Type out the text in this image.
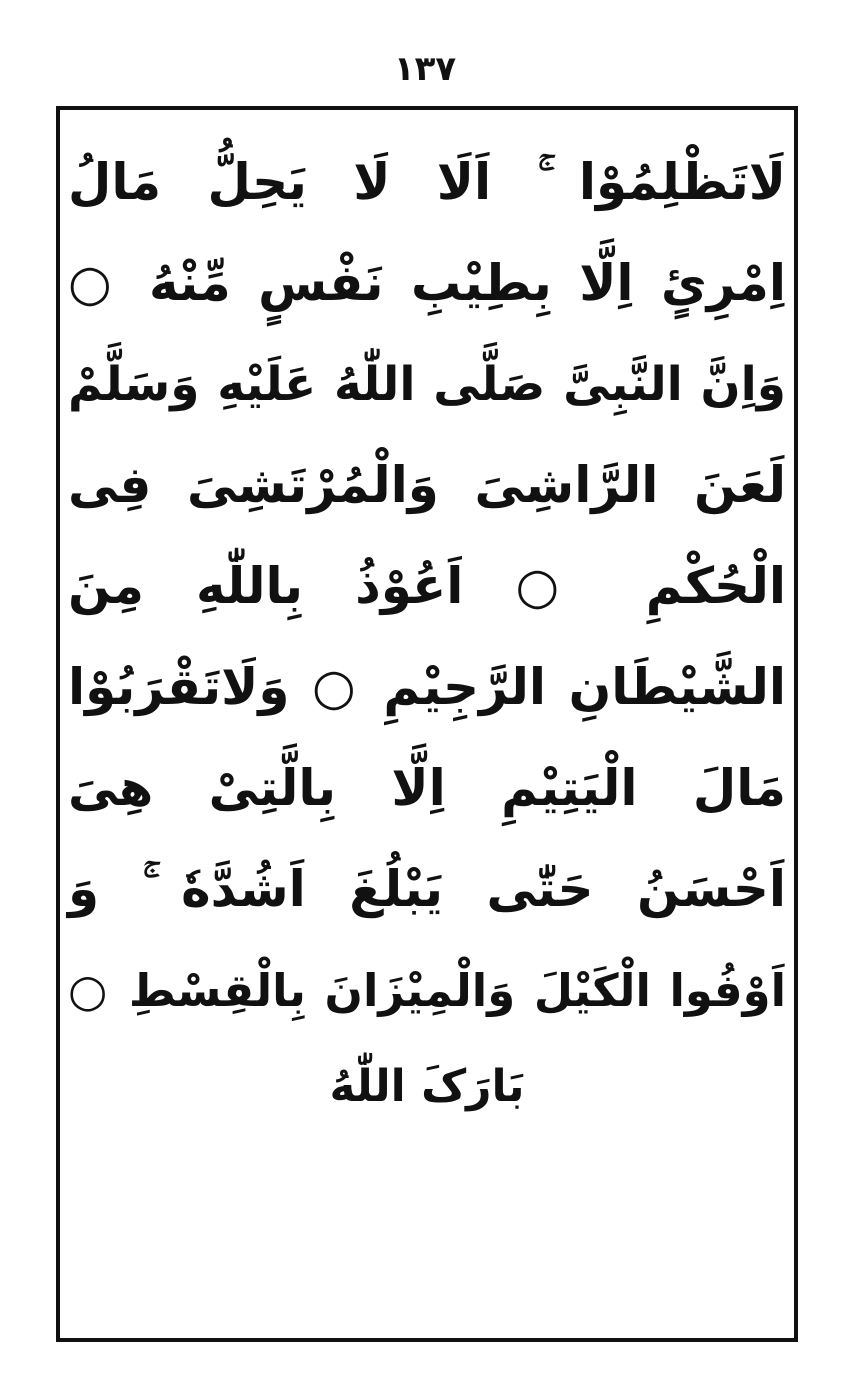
١٣٧
لَاتَظْلِمُوْا ۚ اَلَا لَا یَحِلُّ مَالُ
اِمْرِئٍ اِلَّا بِطِیْبِ نَفْسٍ مِّنْهُ ○
وَاِنَّ النَّبِیَّ صَلَّی اللّٰهُ عَلَیْهِ وَسَلَّمْ
لَعَنَ الرَّاشِیَ وَالْمُرْتَشِیَ فِی
الْحُکْمِ ○ اَعُوْذُ بِاللّٰهِ مِنَ
الشَّیْطَانِ الرَّجِیْمِ ○ وَلَاتَقْرَبُوْا
مَالَ الْیَتِیْمِ اِلَّا بِالَّتِیْ هِیَ
اَحْسَنُ حَتّٰی یَبْلُغَ اَشُدَّهٗ ۚ وَ
اَوْفُوا الْکَیْلَ وَالْمِیْزَانَ بِالْقِسْطِ ○
بَارَکَ اللّٰهُ
